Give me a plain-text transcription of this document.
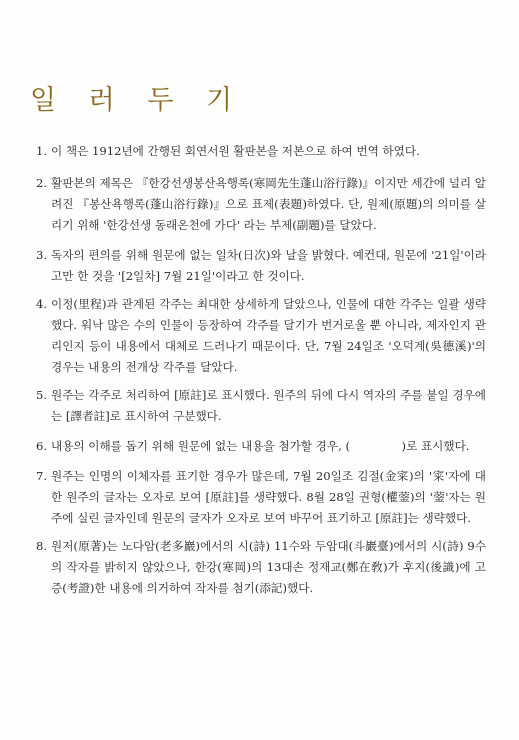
일 러 두 기
1. 이 책은 1912년에 간행된 회연서원 활판본을 저본으로 하여 번역 하였다.
2. 활판본의 제목은 『한강선생봉산욕행록(寒岡先生蓬山浴行錄)』이지만 세간에 널리 알려진 『봉산욕행록(蓬山浴行錄)』으로 표제(表題)하였다. 단, 원제(原題)의 의미를 살리기 위해 '한강선생 동래온천에 가다' 라는 부제(副題)를 달았다.
3. 독자의 편의를 위해 원문에 없는 일차(日次)와 날을 밝혔다. 예컨대, 원문에 '21일'이라고만 한 것을 '[2일차] 7월 21일'이라고 한 것이다.
4. 이정(里程)과 관계된 각주는 최대한 상세하게 달았으나, 인물에 대한 각주는 일괄 생략했다. 워낙 많은 수의 인물이 등장하여 각주를 달기가 번거로울 뿐 아니라, 제자인지 관리인지 등이 내용에서 대체로 드러나기 때문이다. 단, 7월 24일조 '오덕계(吳德溪)'의 경우는 내용의 전개상 각주를 달았다.
5. 원주는 각주로 처리하여 [原註]로 표시했다. 원주의 뒤에 다시 역자의 주를 붙일 경우에는 [譯者註]로 표시하여 구분했다.
6. 내용의 이해를 돕기 위해 원문에 없는 내용을 첨가할 경우, (              )로 표시했다.
7. 원주는 인명의 이체자를 표기한 경우가 많은데, 7월 20일조 김절(金寀)의 '寀'자에 대한 원주의 글자는 오자로 보여 [原註]를 생략했다. 8월 28일 권형(權蓥)의 '蓥'자는 원주에 실린 글자인데 원문의 글자가 오자로 보여 바꾸어 표기하고 [原註]는 생략했다.
8. 원저(原著)는 노다암(老多巖)에서의 시(詩) 11수와 두암대(斗巖臺)에서의 시(詩) 9수의 작자를 밝히지 않았으나, 한강(寒岡)의 13대손 정재교(鄭在敎)가 후지(後識)에 고증(考證)한 내용에 의거하여 작자를 첨기(添記)했다.
